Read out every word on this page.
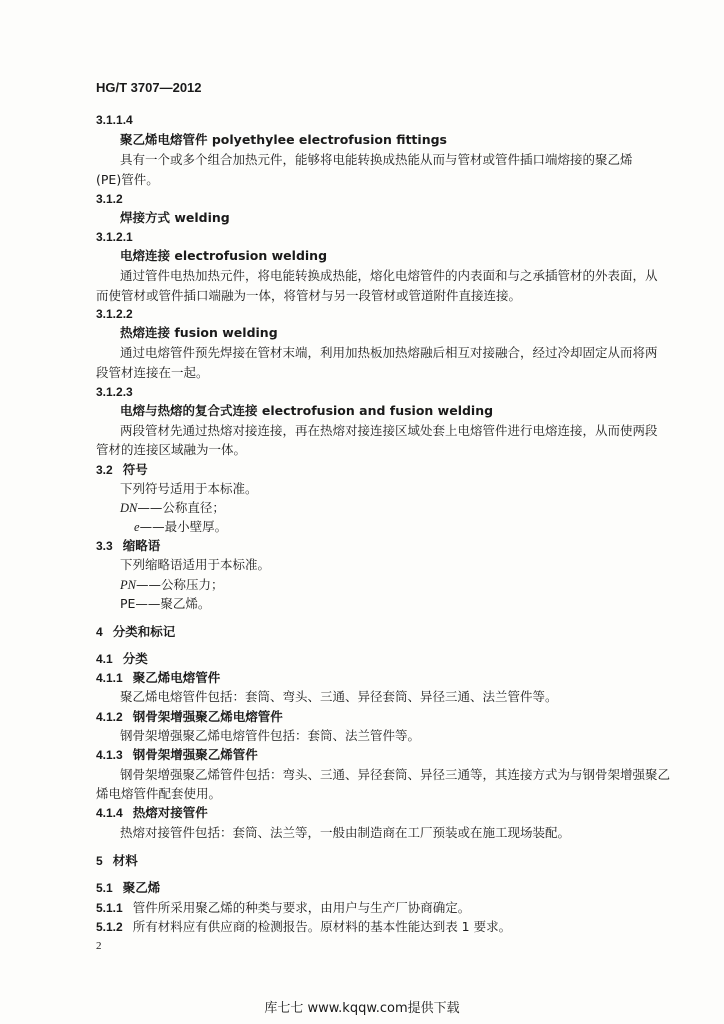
HG/T 3707—2012
3.1.1.4
聚乙烯电熔管件 polyethylee electrofusion fittings
具有一个或多个组合加热元件，能够将电能转换成热能从而与管材或管件插口端熔接的聚乙烯
(PE)管件。
3.1.2
焊接方式 welding
3.1.2.1
电熔连接 electrofusion welding
通过管件电热加热元件，将电能转换成热能，熔化电熔管件的内表面和与之承插管材的外表面，从
而使管材或管件插口端融为一体，将管材与另一段管材或管道附件直接连接。
3.1.2.2
热熔连接 fusion welding
通过电熔管件预先焊接在管材末端，利用加热板加热熔融后相互对接融合，经过冷却固定从而将两
段管材连接在一起。
3.1.2.3
电熔与热熔的复合式连接 electrofusion and fusion welding
两段管材先通过热熔对接连接，再在热熔对接连接区域处套上电熔管件进行电熔连接，从而使两段
管材的连接区域融为一体。
3.2 符号
下列符号适用于本标准。
DN——公称直径；
e——最小壁厚。
3.3 缩略语
下列缩略语适用于本标准。
PN——公称压力；
PE——聚乙烯。
4 分类和标记
4.1 分类
4.1.1 聚乙烯电熔管件
聚乙烯电熔管件包括：套筒、弯头、三通、异径套筒、异径三通、法兰管件等。
4.1.2 钢骨架增强聚乙烯电熔管件
钢骨架增强聚乙烯电熔管件包括：套筒、法兰管件等。
4.1.3 钢骨架增强聚乙烯管件
钢骨架增强聚乙烯管件包括：弯头、三通、异径套筒、异径三通等，其连接方式为与钢骨架增强聚乙
烯电熔管件配套使用。
4.1.4 热熔对接管件
热熔对接管件包括：套筒、法兰等，一般由制造商在工厂预装或在施工现场装配。
5 材料
5.1 聚乙烯
5.1.1 管件所采用聚乙烯的种类与要求，由用户与生产厂协商确定。
5.1.2 所有材料应有供应商的检测报告。原材料的基本性能达到表 1 要求。
2
库七七 www.kqqw.com提供下载
